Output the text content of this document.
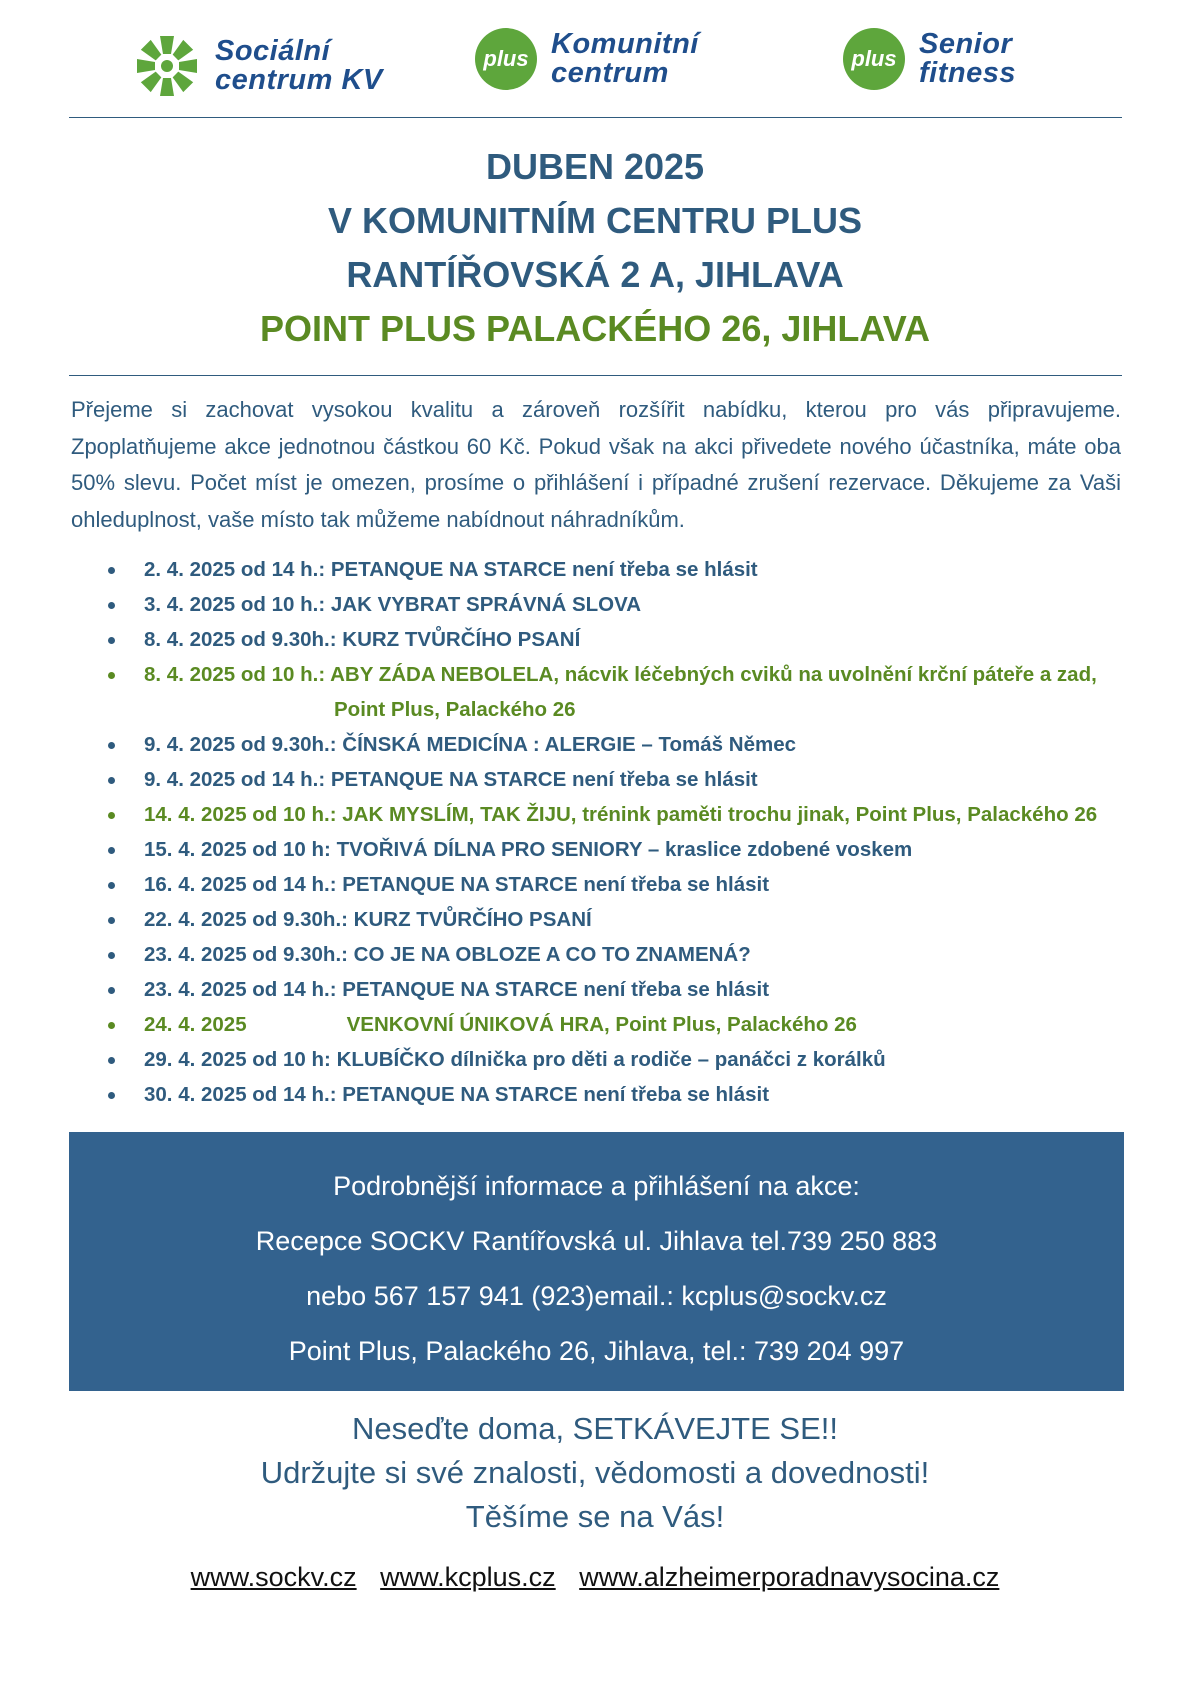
Sociální
centrum KV
plus Komunitní
centrum	plus Senior
fitness
DUBEN 2025
V KOMUNITNÍM CENTRU PLUS
RANTÍŘOVSKÁ 2 A, JIHLAVA
POINT PLUS PALACKÉHO 26, JIHLAVA
Přejeme si zachovat vysokou kvalitu a zároveň rozšířit nabídku, kterou pro vás připravujeme. Zpoplatňujeme akce jednotnou částkou 60 Kč. Pokud však na akci přivedete nového účastníka, máte oba 50% slevu. Počet míst je omezen, prosíme o přihlášení i případné zrušení rezervace. Děkujeme za Vaši ohleduplnost, vaše místo tak můžeme nabídnout náhradníkům.
2. 4. 2025 od 14 h.: PETANQUE NA STARCE není třeba se hlásit
3. 4. 2025 od 10 h.: JAK VYBRAT SPRÁVNÁ SLOVA
8. 4. 2025 od 9.30h.: KURZ TVŮRČÍHO PSANÍ
8. 4. 2025 od 10 h.: ABY ZÁDA NEBOLELA, nácvik léčebných cviků na uvolnění krční páteře a zad,
Point Plus, Palackého 26
9. 4. 2025 od 9.30h.: ČÍNSKÁ MEDICÍNA : ALERGIE – Tomáš Němec
9. 4. 2025 od 14 h.: PETANQUE NA STARCE není třeba se hlásit
14. 4. 2025 od 10 h.: JAK MYSLÍM, TAK ŽIJU, trénink paměti trochu jinak, Point Plus, Palackého 26
15. 4. 2025 od 10 h: TVOŘIVÁ DÍLNA PRO SENIORY – kraslice zdobené voskem
16. 4. 2025 od 14 h.: PETANQUE NA STARCE není třeba se hlásit
22. 4. 2025 od 9.30h.: KURZ TVŮRČÍHO PSANÍ
23. 4. 2025 od 9.30h.: CO JE NA OBLOZE A CO TO ZNAMENÁ?
23. 4. 2025 od 14 h.: PETANQUE NA STARCE není třeba se hlásit
24. 4. 2025	VENKOVNÍ ÚNIKOVÁ HRA, Point Plus, Palackého 26
29. 4. 2025 od 10 h: KLUBÍČKO dílnička pro děti a rodiče – panáčci z korálků
30. 4. 2025 od 14 h.: PETANQUE NA STARCE není třeba se hlásit
Podrobnější informace a přihlášení na akce:
Recepce SOCKV Rantířovská ul. Jihlava tel.739 250 883
nebo 567 157 941 (923)email.: kcplus@sockv.cz
Point Plus, Palackého 26, Jihlava, tel.: 739 204 997
Neseďte doma, SETKÁVEJTE SE!!
Udržujte si své znalosti, vědomosti a dovednosti!
Těšíme se na Vás!
www.sockv.cz www.kcplus.cz www.alzheimerporadnavysocina.cz
